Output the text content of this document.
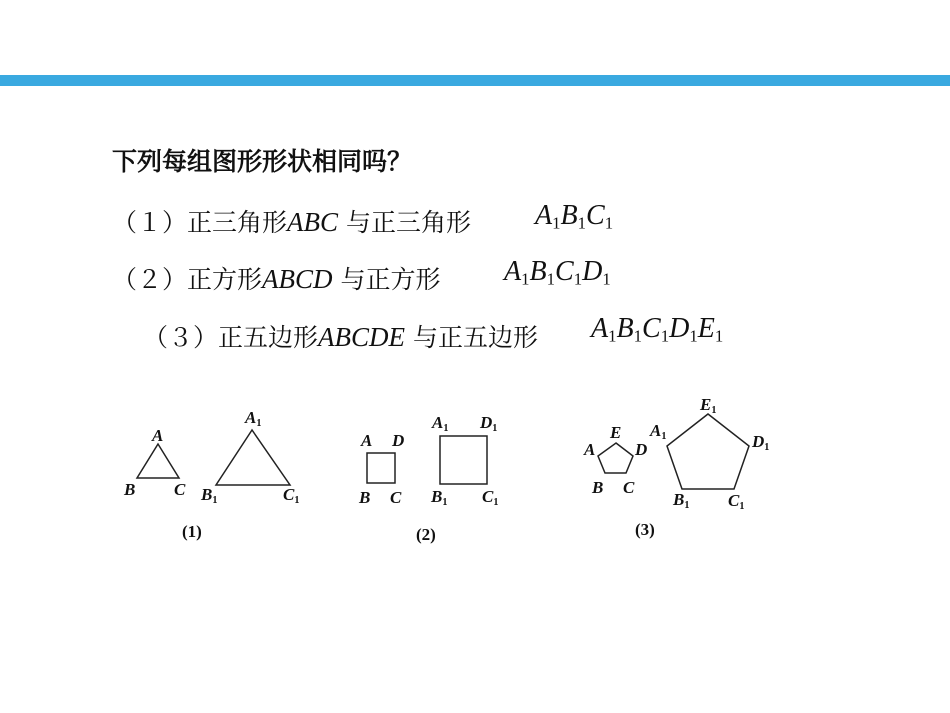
下列每组图形形状相同吗？
（１）正三角形ABC 与正三角形 $A_1B_1C_1$
（２）正方形ABCD 与正方形 $A_1B_1C_1D_1$
（３）正五边形ABCDE 与正五边形 $A_1B_1C_1D_1E_1$
A
B C
$A_1$
$B_1$	$C_1$
(1)
A D
B C
$A_1$ $D_1$
$B_1$ $C_1$
(2)
E
A D
B C
$E_1$
$A_1$	$D_1$
$B_1$ $C_1$
(3)
